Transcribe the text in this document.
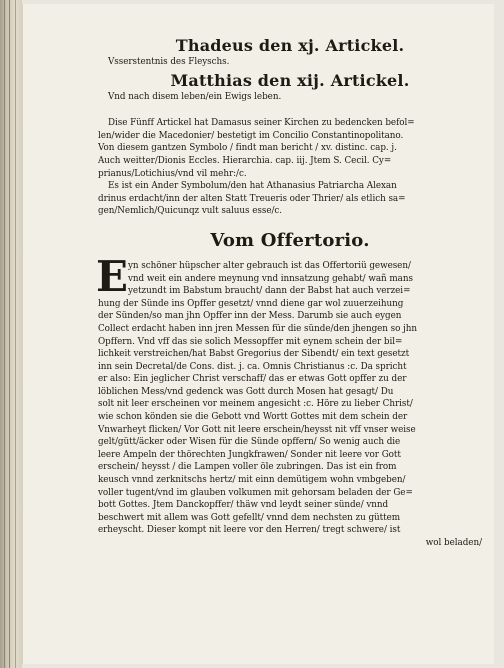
Thadeus den xj. Artickel.
Vsserstentnis des Fleyschs.
Matthias den xij. Artickel.
Vnd nach disem leben/ein Ewigs leben.
Dise Fünff Artickel hat Damasus seiner Kirchen zu bedencken befol=
len/wider die Macedonier/ bestetigt im Concilio Constantinopolitano.
Von diesem gantzen Symbolo / findt man bericht / xv. distinc. cap. j.
Auch weitter/Dionis Eccles. Hierarchia. cap. iij. Jtem S. Cecil. Cy=
prianus/Lotichius/vnd vil mehr:/c.
Es ist ein Ander Symbolum/den hat Athanasius Patriarcha Alexan
drinus erdacht/inn der alten Statt Treueris oder Thrier/ als etlich sa=
gen/Nemlich/Quicunqz vult saluus esse/c.
Vom Offertorio.
E yn schöner hüpscher alter gebrauch ist das Offertoriü gewesen/
vnd weit ein andere meynung vnd innsatzung gehabt/ wañ mans
yetzundt im Babstum braucht/ dann der Babst hat auch verzei=
hung der Sünde ins Opffer gesetzt/ vnnd diene gar wol zuuerzeihung
der Sünden/so man jhn Opffer inn der Mess. Darumb sie auch eygen
Collect erdacht haben inn jren Messen für die sünde/den jhengen so jhn
Opffern. Vnd vff das sie solich Messopffer mit eynem schein der bil=
lichkeit verstreichen/hat Babst Gregorius der Sibendt/ ein text gesetzt
inn sein Decretal/de Cons. dist. j. ca. Omnis Christianus :c. Da spricht
er also: Ein jeglicher Christ verschaff/ das er etwas Gott opffer zu der
löblichen Mess/vnd gedenck was Gott durch Mosen hat gesagt/ Du
solt nit leer erscheinen vor meinem angesicht :c. Höre zu lieber Christ/
wie schon könden sie die Gebott vnd Wortt Gottes mit dem schein der
Vnwarheyt flicken/ Vor Gott nit leere erschein/heysst nit vff vnser weise
gelt/gütt/äcker oder Wisen für die Sünde opffern/ So wenig auch die
leere Ampeln der thörechten Jungkfrawen/ Sonder nit leere vor Gott
erschein/ heysst / die Lampen voller öle zubringen. Das ist ein from
keusch vnnd zerknitschs hertz/ mit einn demütigem wohn vmbgeben/
voller tugent/vnd im glauben volkumen mit gehorsam beladen der Ge=
bott Gottes. Jtem Danckopffer/ thäw vnd leydt seiner sünde/ vnnd
beschwert mit allem was Gott gefellt/ vnnd dem nechsten zu güttem
erheyscht. Dieser kompt nit leere vor den Herren/ tregt schwere/ ist
wol beladen/
